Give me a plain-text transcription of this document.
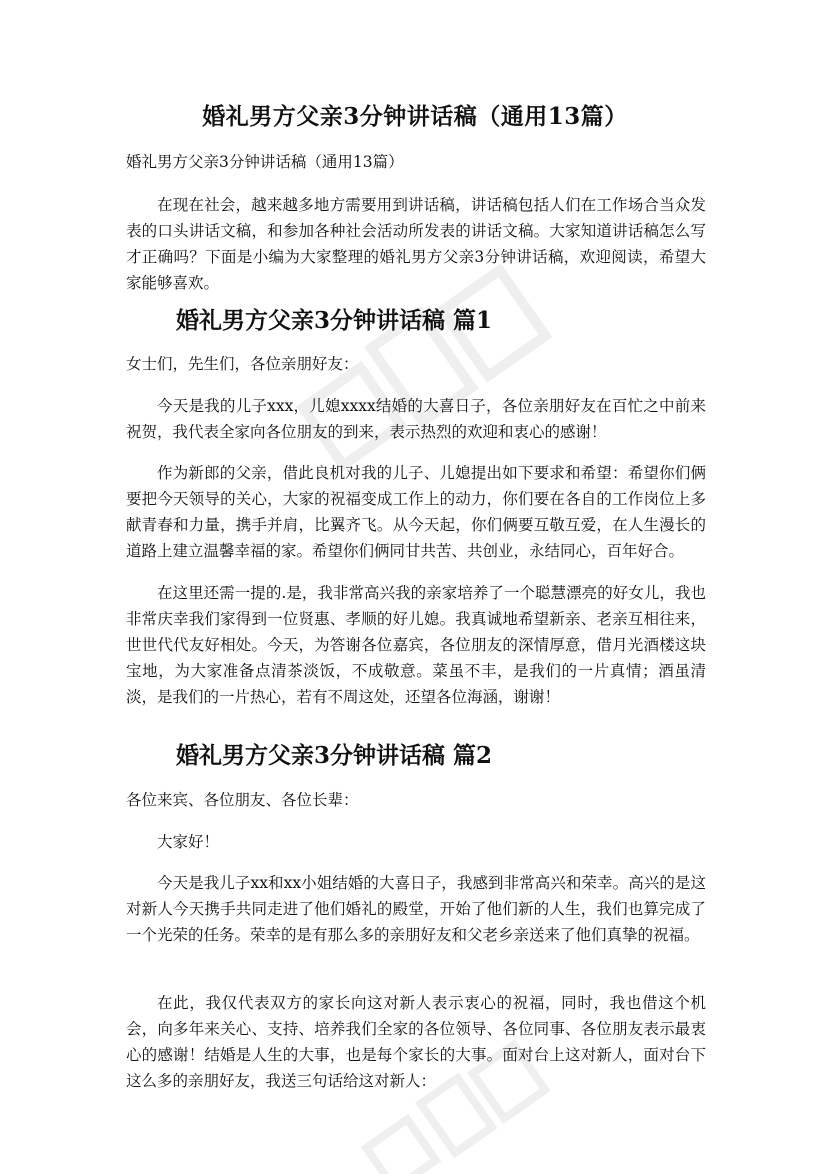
婚礼男方父亲3分钟讲话稿（通用13篇）

婚礼男方父亲3分钟讲话稿（通用13篇）

在现在社会，越来越多地方需要用到讲话稿，讲话稿包括人们在工作场合当众发表的口头讲话文稿，和参加各种社会活动所发表的讲话文稿。大家知道讲话稿怎么写才正确吗？下面是小编为大家整理的婚礼男方父亲3分钟讲话稿，欢迎阅读，希望大家能够喜欢。

婚礼男方父亲3分钟讲话稿 篇1

女士们，先生们，各位亲朋好友：

今天是我的儿子xxx，儿媳xxxx结婚的大喜日子，各位亲朋好友在百忙之中前来祝贺，我代表全家向各位朋友的到来，表示热烈的欢迎和衷心的感谢！

作为新郎的父亲，借此良机对我的儿子、儿媳提出如下要求和希望：希望你们俩要把今天领导的关心，大家的祝福变成工作上的动力，你们要在各自的工作岗位上多献青春和力量，携手并肩，比翼齐飞。从今天起，你们俩要互敬互爱，在人生漫长的道路上建立温馨幸福的家。希望你们俩同甘共苦、共创业，永结同心，百年好合。

在这里还需一提的.是，我非常高兴我的亲家培养了一个聪慧漂亮的好女儿，我也非常庆幸我们家得到一位贤惠、孝顺的好儿媳。我真诚地希望新亲、老亲互相往来，世世代代友好相处。今天，为答谢各位嘉宾，各位朋友的深情厚意，借月光酒楼这块宝地，为大家准备点清茶淡饭，不成敬意。菜虽不丰，是我们的一片真情；酒虽清淡，是我们的一片热心，若有不周这处，还望各位海涵，谢谢！

婚礼男方父亲3分钟讲话稿 篇2

各位来宾、各位朋友、各位长辈：

大家好！

今天是我儿子xx和xx小姐结婚的大喜日子，我感到非常高兴和荣幸。高兴的是这对新人今天携手共同走进了他们婚礼的殿堂，开始了他们新的人生，我们也算完成了一个光荣的任务。荣幸的是有那么多的亲朋好友和父老乡亲送来了他们真挚的祝福。

在此，我仅代表双方的家长向这对新人表示衷心的祝福，同时，我也借这个机会，向多年来关心、支持、培养我们全家的各位领导、各位同事、各位朋友表示最衷心的感谢！结婚是人生的大事，也是每个家长的大事。面对台上这对新人，面对台下这么多的亲朋好友，我送三句话给这对新人：
